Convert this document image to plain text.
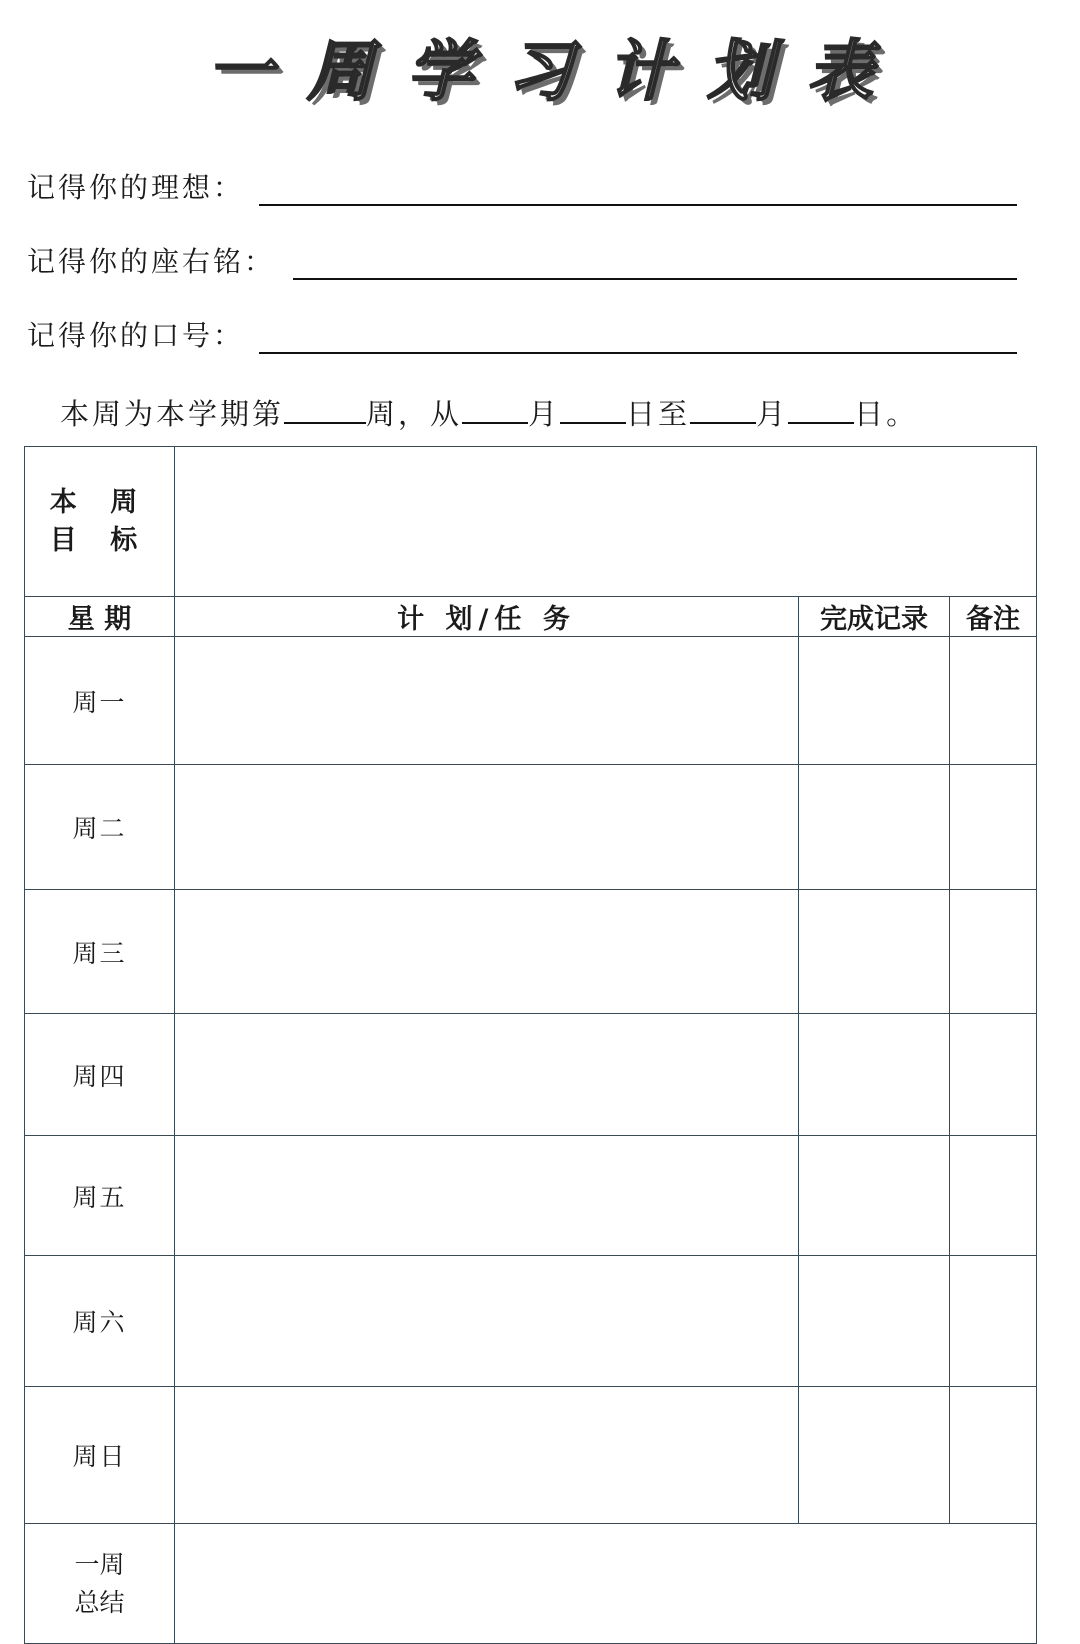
一周学习计划表
记得你的理想：
记得你的座右铭：
记得你的口号：
本周为本学期第	周，从 月 日至 月 日。
本 周
目 标			

星 期	计 划/任 务	完成记录	备注
周一			
周二			
周三			
周四			
周五			
周六			
周日			

一周
总结			
